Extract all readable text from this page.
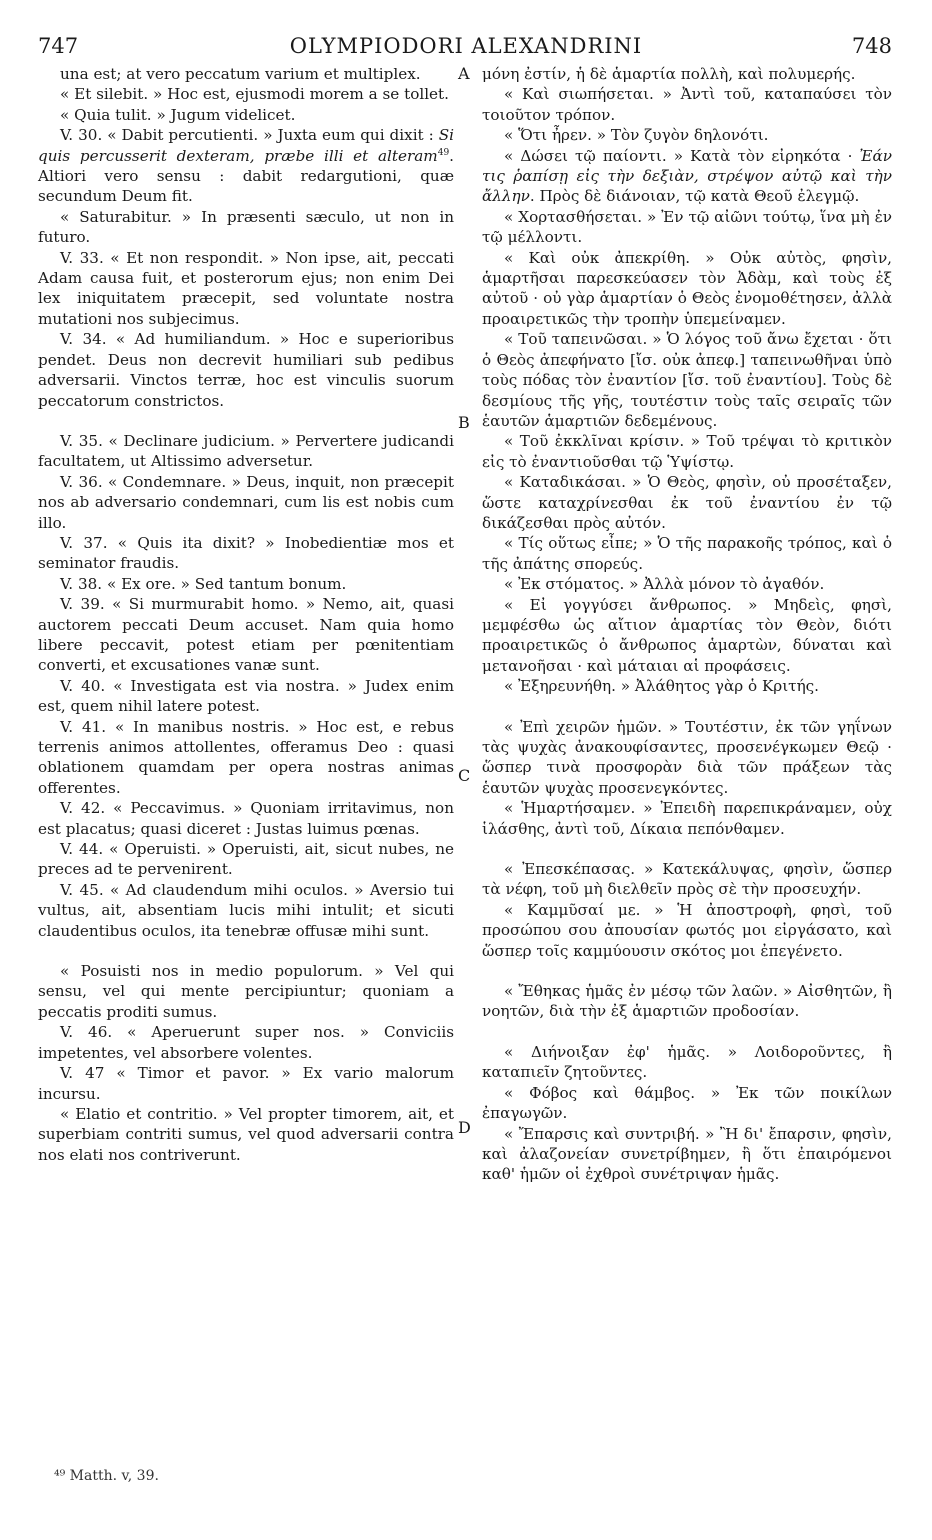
747	OLYMPIODORI ALEXANDRINI	748

una est; at vero peccatum varium et multiplex.

« Et silebit. » Hoc est, ejusmodi morem a se tollet.

« Quia tulit. » Jugum videlicet.

V. 30. « Dabit percutienti. » Juxta eum qui dixit : Si quis percusserit dexteram, præbe illi et alteram$^{49}$. Altiori vero sensu : dabit redargutioni, quæ secundum Deum fit.

« Saturabitur. » In præsenti sæculo, ut non in futuro.

V. 33. « Et non respondit. » Non ipse, ait, peccati Adam causa fuit, et posterorum ejus; non enim Dei lex iniquitatem præcepit, sed voluntate nostra mutationi nos subjecimus.

V. 34. « Ad humiliandum. » Hoc e superioribus pendet. Deus non decrevit humiliari sub pedibus adversarii. Vinctos terræ, hoc est vinculis suorum peccatorum constrictos.

V. 35. « Declinare judicium. » Pervertere judicandi facultatem, ut Altissimo adversetur.

V. 36. « Condemnare. » Deus, inquit, non præcepit nos ab adversario condemnari, cum lis est nobis cum illo.

V. 37. « Quis ita dixit? » Inobedientiæ mos et seminator fraudis.

V. 38. « Ex ore. » Sed tantum bonum.

V. 39. « Si murmurabit homo. » Nemo, ait, quasi auctorem peccati Deum accuset. Nam quia homo libere peccavit, potest etiam per pœnitentiam converti, et excusationes vanæ sunt.

V. 40. « Investigata est via nostra. » Judex enim est, quem nihil latere potest.

V. 41. « In manibus nostris. » Hoc est, e rebus terrenis animos attollentes, offeramus Deo : quasi oblationem quamdam per opera nostras animas offerentes.

V. 42. « Peccavimus. » Quoniam irritavimus, non est placatus; quasi diceret : Justas luimus pœnas.

V. 44. « Operuisti. » Operuisti, ait, sicut nubes, ne preces ad te pervenirent.

V. 45. « Ad claudendum mihi oculos. » Aversio tui vultus, ait, absentiam lucis mihi intulit; et sicuti claudentibus oculos, ita tenebræ offusæ mihi sunt.

« Posuisti nos in medio populorum. » Vel qui sensu, vel qui mente percipiuntur; quoniam a peccatis proditi sumus.

V. 46. « Aperuerunt super nos. » Conviciis impetentes, vel absorbere volentes.

V. 47 « Timor et pavor. » Ex vario malorum incursu.

« Elatio et contritio. » Vel propter timorem, ait, et superbiam contriti sumus, vel quod adversarii contra nos elati nos contriverunt.

μόνη ἐστίν, ἡ δὲ ἁμαρτία πολλὴ, καὶ πολυμερής.

« Καὶ σιωπήσεται. » Ἀντὶ τοῦ, καταπαύσει τὸν τοιοῦτον τρόπον.

« Ὅτι ἦρεν. » Τὸν ζυγὸν δηλονότι.

« Δώσει τῷ παίοντι. » Κατὰ τὸν εἰρηκότα · Ἐάν τις ῥαπίσῃ εἰς τὴν δεξιὰν, στρέψον αὐτῷ καὶ τὴν ἄλλην. Πρὸς δὲ διάνοιαν, τῷ κατὰ Θεοῦ ἐλεγμῷ.

« Χορτασθήσεται. » Ἐν τῷ αἰῶνι τούτῳ, ἵνα μὴ ἐν τῷ μέλλοντι.

« Καὶ οὐκ ἀπεκρίθη. » Οὐκ αὐτὸς, φησὶν, ἁμαρτῆσαι παρεσκεύασεν τὸν Ἀδὰμ, καὶ τοὺς ἐξ αὐτοῦ · οὐ γὰρ ἁμαρτίαν ὁ Θεὸς ἐνομοθέτησεν, ἀλλὰ προαιρετικῶς τὴν τροπὴν ὑπεμείναμεν.

« Τοῦ ταπεινῶσαι. » Ὁ λόγος τοῦ ἄνω ἔχεται · ὅτι ὁ Θεὸς ἀπεφήνατο [ἴσ. οὐκ ἀπεφ.] ταπεινωθῆναι ὑπὸ τοὺς πόδας τὸν ἐναντίον [ἴσ. τοῦ ἐναντίου]. Τοὺς δὲ δεσμίους τῆς γῆς, τουτέστιν τοὺς ταῖς σειραῖς τῶν ἑαυτῶν ἁμαρτιῶν δεδεμένους.

« Τοῦ ἐκκλῖναι κρίσιν. » Τοῦ τρέψαι τὸ κριτικὸν εἰς τὸ ἐναντιοῦσθαι τῷ Ὑψίστῳ.

« Καταδικάσαι. » Ὁ Θεὸς, φησὶν, οὐ προσέταξεν, ὥστε καταχρίνεσθαι ἐκ τοῦ ἐναντίου ἐν τῷ δικάζεσθαι πρὸς αὐτόν.

« Τίς οὕτως εἶπε; » Ὁ τῆς παρακοῆς τρόπος, καὶ ὁ τῆς ἀπάτης σπορεύς.

« Ἐκ στόματος. » Ἀλλὰ μόνον τὸ ἀγαθόν.

« Εἰ γογγύσει ἄνθρωπος. » Μηδεὶς, φησὶ, μεμφέσθω ὡς αἴτιον ἁμαρτίας τὸν Θεὸν, διότι προαιρετικῶς ὁ ἄνθρωπος ἁμαρτὼν, δύναται καὶ μετανοῆσαι · καὶ μάταιαι αἱ προφάσεις.

« Ἐξηρευνήθη. » Ἀλάθητος γὰρ ὁ Κριτής.

« Ἐπὶ χειρῶν ἡμῶν. » Τουτέστιν, ἐκ τῶν γηΐνων τὰς ψυχὰς ἀνακουφίσαντες, προσενέγκωμεν Θεῷ · ὥσπερ τινὰ προσφορὰν διὰ τῶν πράξεων τὰς ἑαυτῶν ψυχὰς προσενεγκόντες.

« Ἡμαρτήσαμεν. » Ἐπειδὴ παρεπικράναμεν, οὐχ ἱλάσθης, ἀντὶ τοῦ, Δίκαια πεπόνθαμεν.

« Ἐπεσκέπασας. » Κατεκάλυψας, φησὶν, ὥσπερ τὰ νέφη, τοῦ μὴ διελθεῖν πρὸς σὲ τὴν προσευχήν.

« Καμμῦσαί με. » Ἡ ἀποστροφὴ, φησὶ, τοῦ προσώπου σου ἀπουσίαν φωτός μοι εἰργάσατο, καὶ ὥσπερ τοῖς καμμύουσιν σκότος μοι ἐπεγένετο.

« Ἔθηκας ἡμᾶς ἐν μέσῳ τῶν λαῶν. » Αἰσθητῶν, ἢ νοητῶν, διὰ τὴν ἐξ ἁμαρτιῶν προδοσίαν.

« Διήνοιξαν ἐφ' ἡμᾶς. » Λοιδοροῦντες, ἢ καταπιεῖν ζητοῦντες.

« Φόβος καὶ θάμβος. » Ἐκ τῶν ποικίλων ἐπαγωγῶν.

« Ἔπαρσις καὶ συντριβή. » Ἢ δι' ἔπαρσιν, φησὶν, καὶ ἀλαζονείαν συνετρίβημεν, ἢ ὅτι ἐπαιρόμενοι καθ' ἡμῶν οἱ ἐχθροὶ συνέτριψαν ἡμᾶς.

A
B
C
D
⁴⁹ Matth. v, 39.
